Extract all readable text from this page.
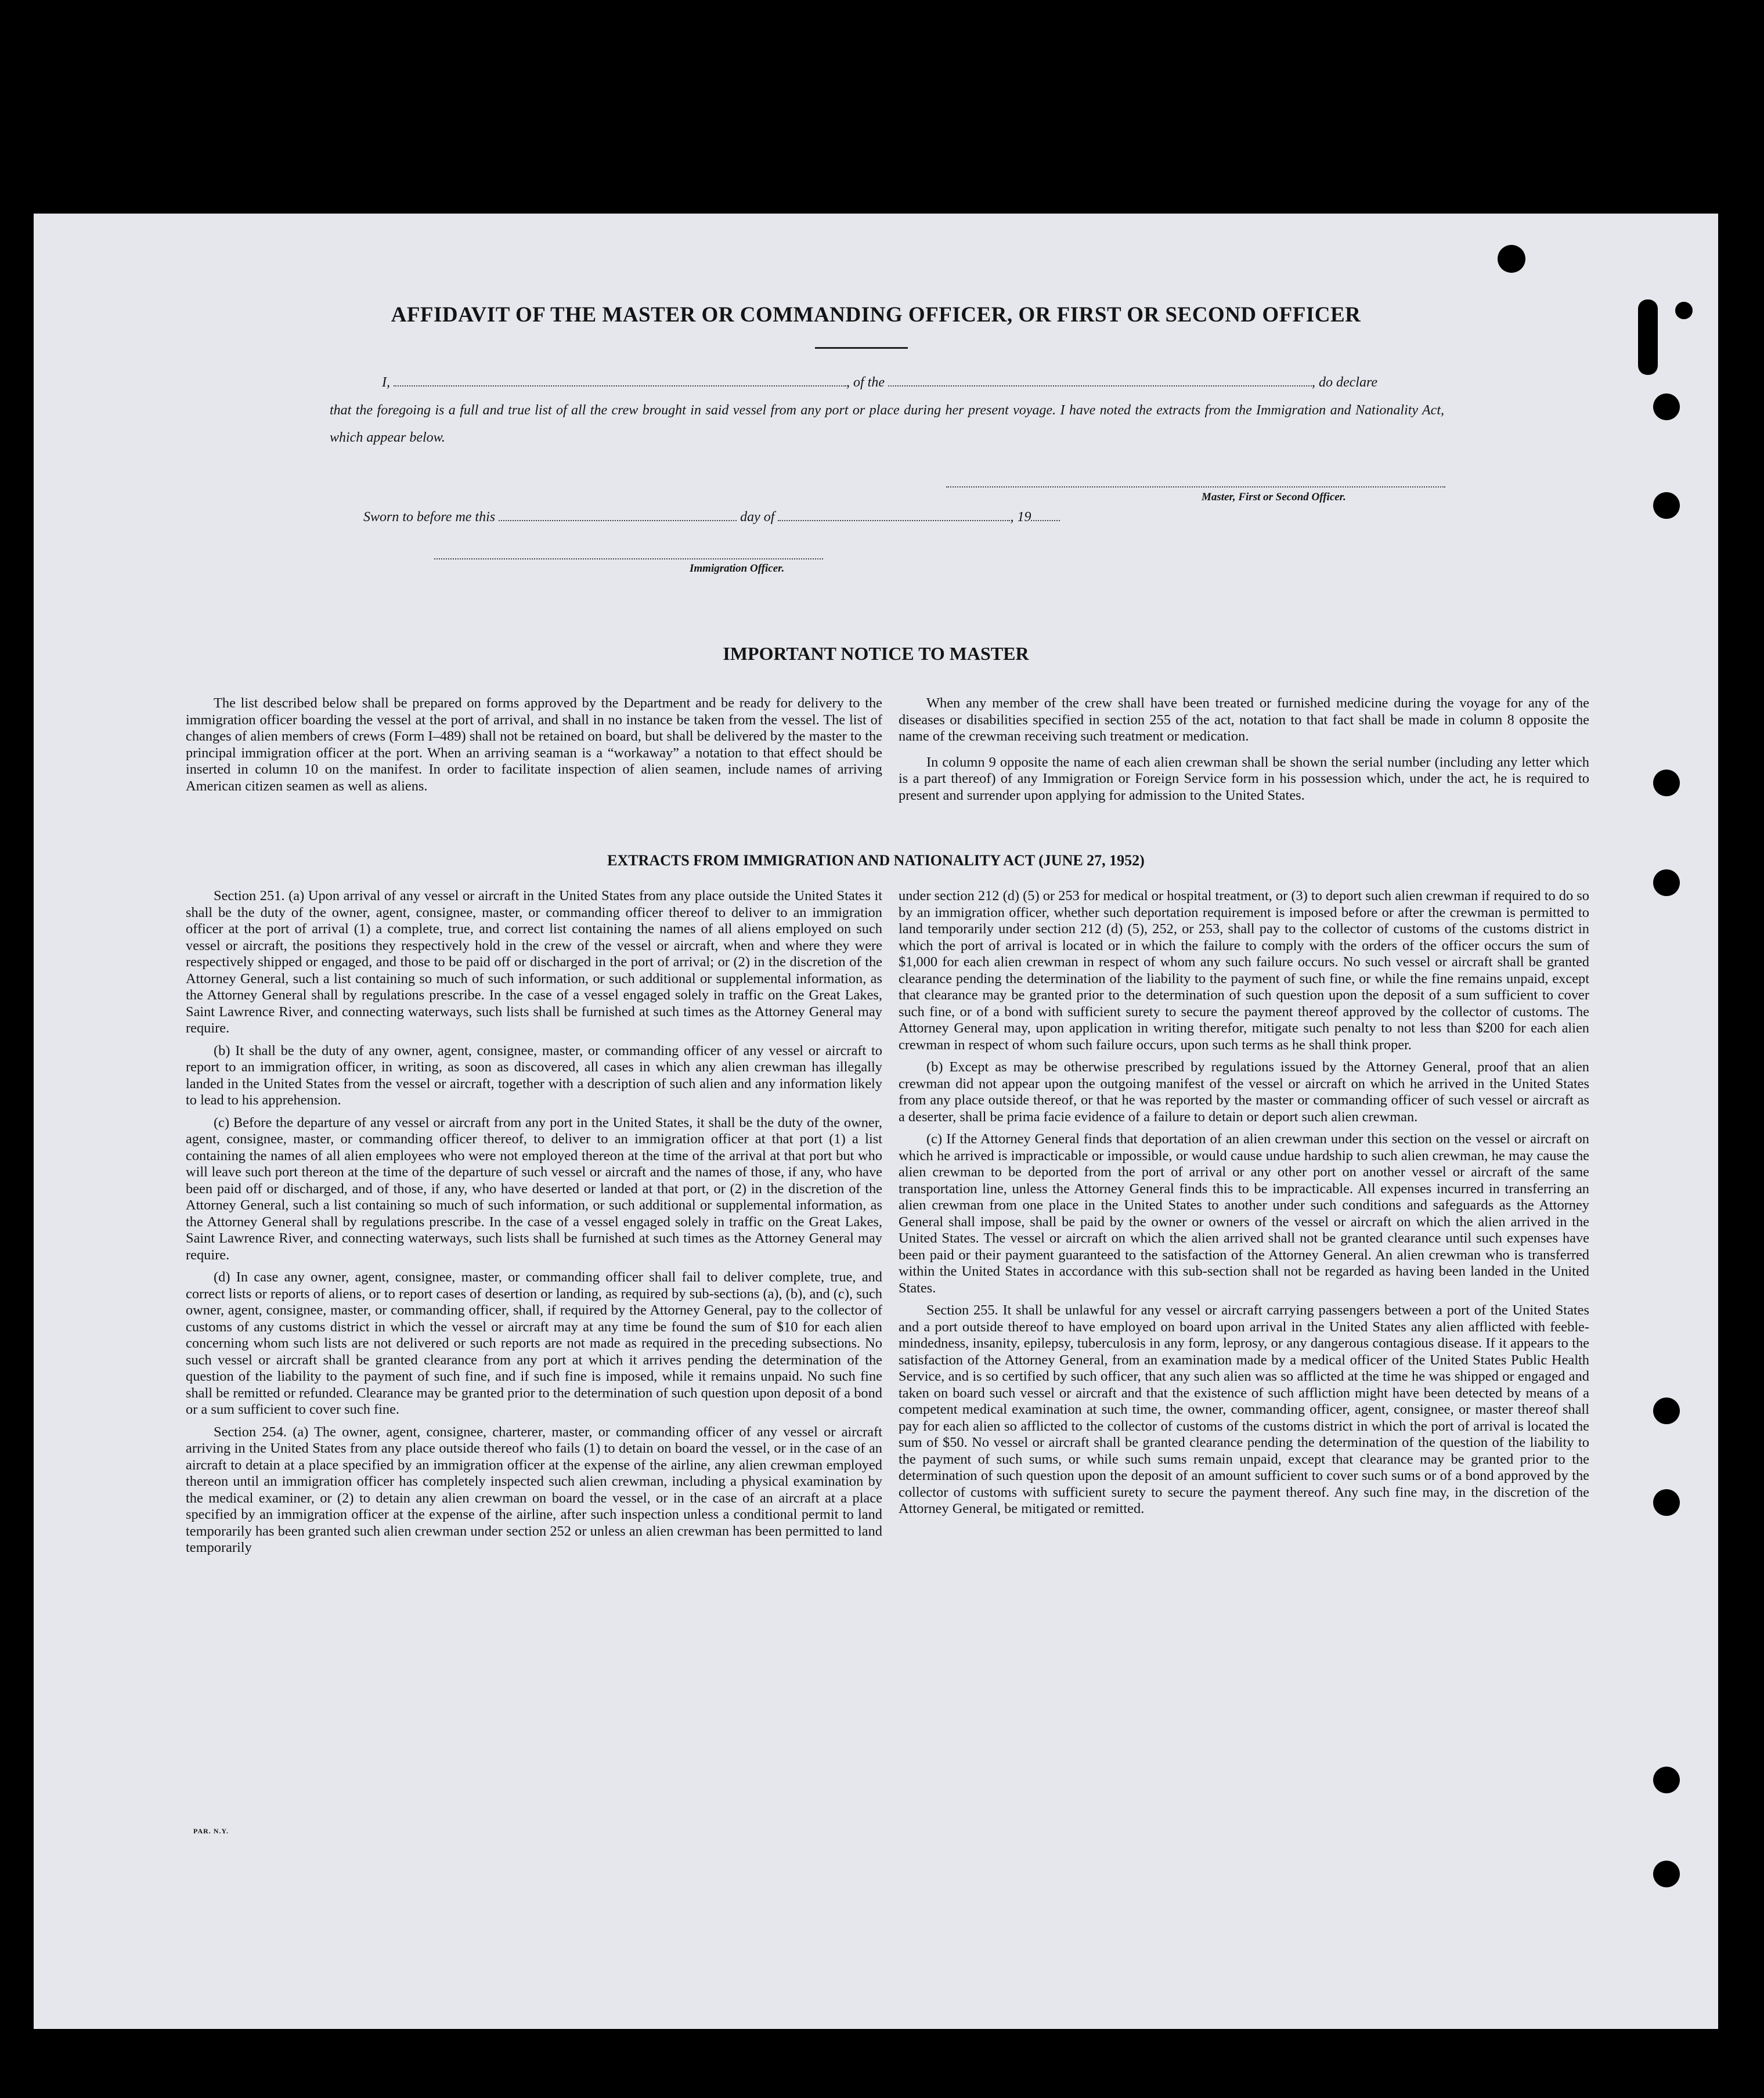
AFFIDAVIT OF THE MASTER OR COMMANDING OFFICER, OR FIRST OR SECOND OFFICER
I,	, of the	, do declare
that the foregoing is a full and true list of all the crew brought in said vessel from any port or place during her present voyage. I have noted the extracts from the Immigration and Nationality Act, which appear below.
Master, First or Second Officer.
Sworn to before me this	day of	, 19
Immigration Officer.
IMPORTANT NOTICE TO MASTER

The list described below shall be prepared on forms approved by the Department and be ready for delivery to the immigration officer boarding the vessel at the port of arrival, and shall in no instance be taken from the vessel. The list of changes of alien members of crews (Form I–489) shall not be retained on board, but shall be delivered by the master to the principal immigration officer at the port. When an arriving seaman is a “workaway” a notation to that effect should be inserted in column 10 on the manifest. In order to facilitate inspection of alien seamen, include names of arriving American citizen seamen as well as aliens.

When any member of the crew shall have been treated or furnished medicine during the voyage for any of the diseases or disabilities specified in section 255 of the act, notation to that fact shall be made in column 8 opposite the name of the crewman receiving such treatment or medication.

In column 9 opposite the name of each alien crewman shall be shown the serial number (including any letter which is a part thereof) of any Immigration or Foreign Service form in his possession which, under the act, he is required to present and surrender upon applying for admission to the United States.

EXTRACTS FROM IMMIGRATION AND NATIONALITY ACT (JUNE 27, 1952)

Section 251. (a) Upon arrival of any vessel or aircraft in the United States from any place outside the United States it shall be the duty of the owner, agent, consignee, master, or commanding officer thereof to deliver to an immigration officer at the port of arrival (1) a complete, true, and correct list containing the names of all aliens employed on such vessel or aircraft, the positions they respectively hold in the crew of the vessel or aircraft, when and where they were respectively shipped or engaged, and those to be paid off or discharged in the port of arrival; or (2) in the discretion of the Attorney General, such a list containing so much of such information, or such additional or supplemental information, as the Attorney General shall by regulations prescribe. In the case of a vessel engaged solely in traffic on the Great Lakes, Saint Lawrence River, and connecting waterways, such lists shall be furnished at such times as the Attorney General may require.

(b) It shall be the duty of any owner, agent, consignee, master, or commanding officer of any vessel or aircraft to report to an immigration officer, in writing, as soon as discovered, all cases in which any alien crewman has illegally landed in the United States from the vessel or aircraft, together with a description of such alien and any information likely to lead to his apprehension.

(c) Before the departure of any vessel or aircraft from any port in the United States, it shall be the duty of the owner, agent, consignee, master, or commanding officer thereof, to deliver to an immigration officer at that port (1) a list containing the names of all alien employees who were not employed thereon at the time of the arrival at that port but who will leave such port thereon at the time of the departure of such vessel or aircraft and the names of those, if any, who have been paid off or discharged, and of those, if any, who have deserted or landed at that port, or (2) in the discretion of the Attorney General, such a list containing so much of such information, or such additional or supplemental information, as the Attorney General shall by regulations prescribe. In the case of a vessel engaged solely in traffic on the Great Lakes, Saint Lawrence River, and connecting waterways, such lists shall be furnished at such times as the Attorney General may require.

(d) In case any owner, agent, consignee, master, or commanding officer shall fail to deliver complete, true, and correct lists or reports of aliens, or to report cases of desertion or landing, as required by sub-sections (a), (b), and (c), such owner, agent, consignee, master, or commanding officer, shall, if required by the Attorney General, pay to the collector of customs of any customs district in which the vessel or aircraft may at any time be found the sum of $10 for each alien concerning whom such lists are not delivered or such reports are not made as required in the preceding subsections. No such vessel or aircraft shall be granted clearance from any port at which it arrives pending the determination of the question of the liability to the payment of such fine, and if such fine is imposed, while it remains unpaid. No such fine shall be remitted or refunded. Clearance may be granted prior to the determination of such question upon deposit of a bond or a sum sufficient to cover such fine.

Section 254. (a) The owner, agent, consignee, charterer, master, or commanding officer of any vessel or aircraft arriving in the United States from any place outside thereof who fails (1) to detain on board the vessel, or in the case of an aircraft to detain at a place specified by an immigration officer at the expense of the airline, any alien crewman employed thereon until an immigration officer has completely inspected such alien crewman, including a physical examination by the medical examiner, or (2) to detain any alien crewman on board the vessel, or in the case of an aircraft at a place specified by an immigration officer at the expense of the airline, after such inspection unless a conditional permit to land temporarily has been granted such alien crewman under section 252 or unless an alien crewman has been permitted to land temporarily

under section 212 (d) (5) or 253 for medical or hospital treatment, or (3) to deport such alien crewman if required to do so by an immigration officer, whether such deportation requirement is imposed before or after the crewman is permitted to land temporarily under section 212 (d) (5), 252, or 253, shall pay to the collector of customs of the customs district in which the port of arrival is located or in which the failure to comply with the orders of the officer occurs the sum of $1,000 for each alien crewman in respect of whom any such failure occurs. No such vessel or aircraft shall be granted clearance pending the determination of the liability to the payment of such fine, or while the fine remains unpaid, except that clearance may be granted prior to the determination of such question upon the deposit of a sum sufficient to cover such fine, or of a bond with sufficient surety to secure the payment thereof approved by the collector of customs. The Attorney General may, upon application in writing therefor, mitigate such penalty to not less than $200 for each alien crewman in respect of whom such failure occurs, upon such terms as he shall think proper.

(b) Except as may be otherwise prescribed by regulations issued by the Attorney General, proof that an alien crewman did not appear upon the outgoing manifest of the vessel or aircraft on which he arrived in the United States from any place outside thereof, or that he was reported by the master or commanding officer of such vessel or aircraft as a deserter, shall be prima facie evidence of a failure to detain or deport such alien crewman.

(c) If the Attorney General finds that deportation of an alien crewman under this section on the vessel or aircraft on which he arrived is impracticable or impossible, or would cause undue hardship to such alien crewman, he may cause the alien crewman to be deported from the port of arrival or any other port on another vessel or aircraft of the same transportation line, unless the Attorney General finds this to be impracticable. All expenses incurred in transferring an alien crewman from one place in the United States to another under such conditions and safeguards as the Attorney General shall impose, shall be paid by the owner or owners of the vessel or aircraft on which the alien arrived in the United States. The vessel or aircraft on which the alien arrived shall not be granted clearance until such expenses have been paid or their payment guaranteed to the satisfaction of the Attorney General. An alien crewman who is transferred within the United States in accordance with this sub-section shall not be regarded as having been landed in the United States.

Section 255. It shall be unlawful for any vessel or aircraft carrying passengers between a port of the United States and a port outside thereof to have employed on board upon arrival in the United States any alien afflicted with feeble-mindedness, insanity, epilepsy, tuberculosis in any form, leprosy, or any dangerous contagious disease. If it appears to the satisfaction of the Attorney General, from an examination made by a medical officer of the United States Public Health Service, and is so certified by such officer, that any such alien was so afflicted at the time he was shipped or engaged and taken on board such vessel or aircraft and that the existence of such affliction might have been detected by means of a competent medical examination at such time, the owner, commanding officer, agent, consignee, or master thereof shall pay for each alien so afflicted to the collector of customs of the customs district in which the port of arrival is located the sum of $50. No vessel or aircraft shall be granted clearance pending the determination of the question of the liability to the payment of such sums, or while such sums remain unpaid, except that clearance may be granted prior to the determination of such question upon the deposit of an amount sufficient to cover such sums or of a bond approved by the collector of customs with sufficient surety to secure the payment thereof. Any such fine may, in the discretion of the Attorney General, be mitigated or remitted.

PAR. N.Y.
14
